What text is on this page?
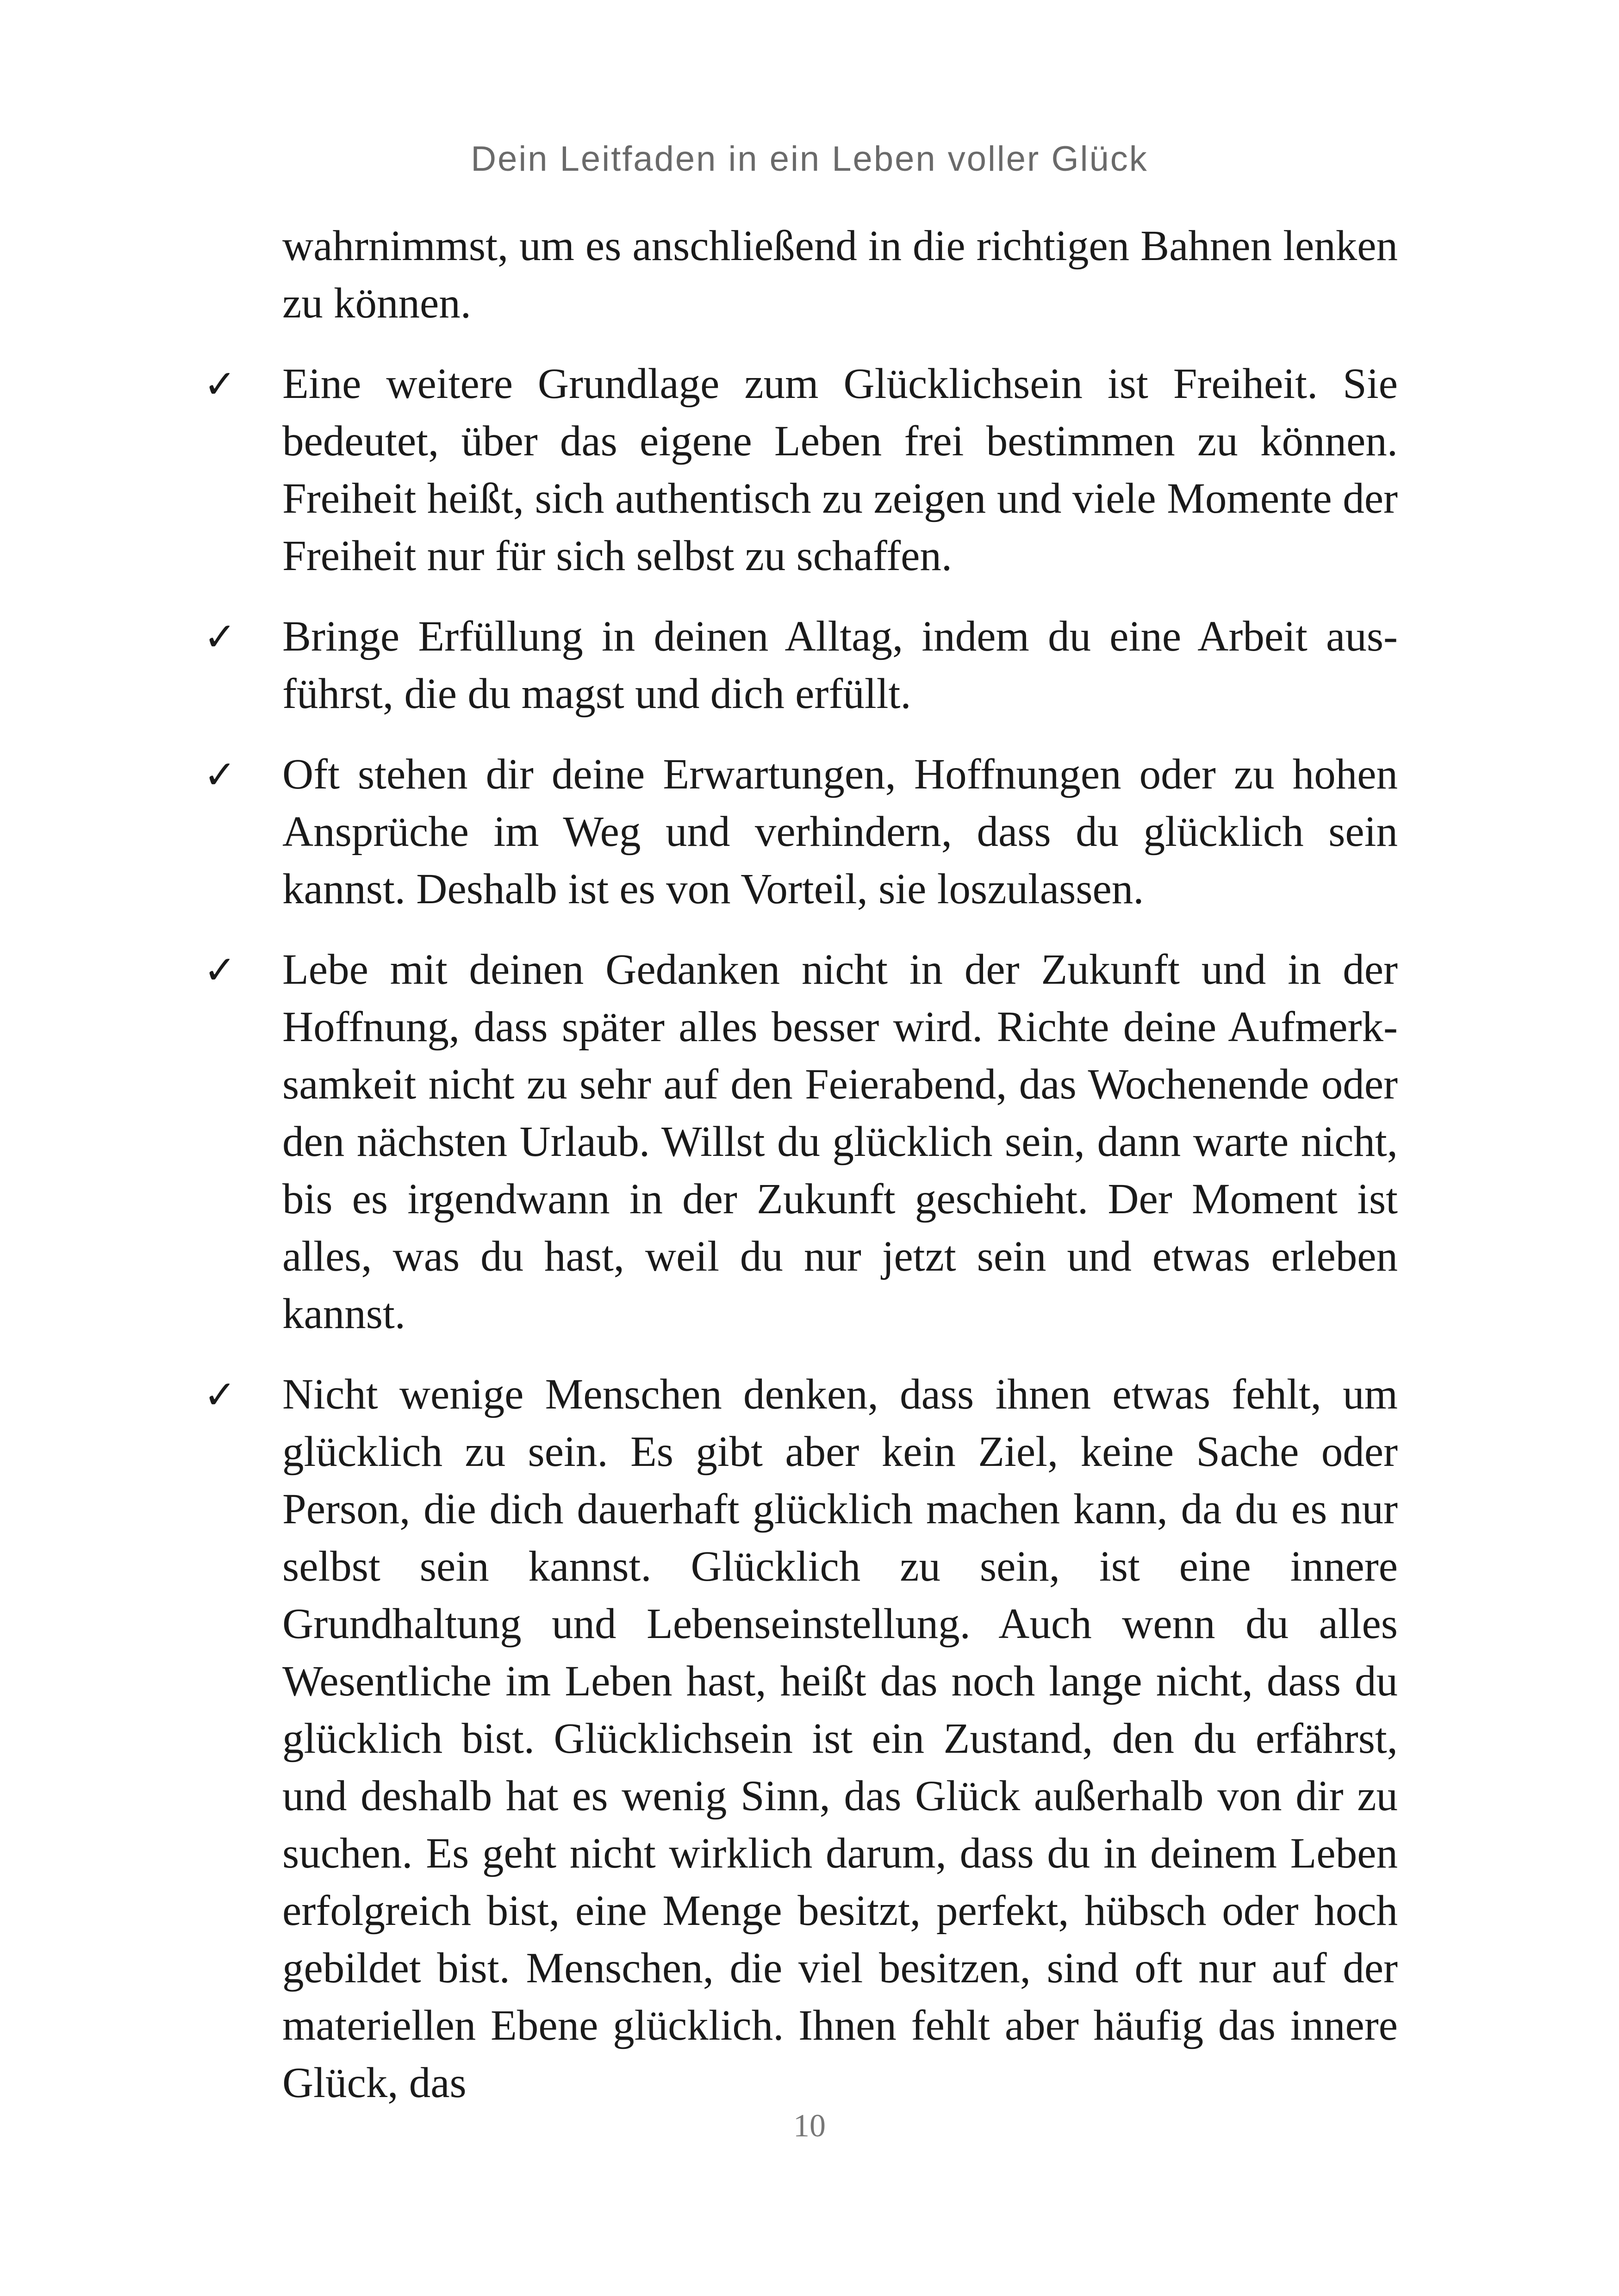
Dein Leitfaden in ein Leben voller Glück

wahrnimmst, um es anschließend in die richtigen Bahnen lenken zu können.

✓	Eine weitere Grundlage zum Glücklichsein ist Freiheit. Sie bedeutet, über das eigene Leben frei bestimmen zu können. Freiheit heißt, sich authentisch zu zeigen und viele Momente der Freiheit nur für sich selbst zu schaffen.
✓	Bringe Erfüllung in deinen Alltag, indem du eine Arbeit aus-führst, die du magst und dich erfüllt.
✓	Oft stehen dir deine Erwartungen, Hoffnungen oder zu hohen Ansprüche im Weg und verhindern, dass du glücklich sein kannst. Deshalb ist es von Vorteil, sie loszulassen.
✓	Lebe mit deinen Gedanken nicht in der Zukunft und in der Hoffnung, dass später alles besser wird. Richte deine Aufmerk-samkeit nicht zu sehr auf den Feierabend, das Wochenende oder den nächsten Urlaub. Willst du glücklich sein, dann warte nicht, bis es irgendwann in der Zukunft geschieht. Der Moment ist alles, was du hast, weil du nur jetzt sein und etwas erleben kannst.
✓	Nicht wenige Menschen denken, dass ihnen etwas fehlt, um glücklich zu sein. Es gibt aber kein Ziel, keine Sache oder Person, die dich dauerhaft glücklich machen kann, da du es nur selbst sein kannst. Glücklich zu sein, ist eine innere Grundhaltung und Lebenseinstellung. Auch wenn du alles Wesentliche im Leben hast, heißt das noch lange nicht, dass du glücklich bist. Glücklichsein ist ein Zustand, den du erfährst, und deshalb hat es wenig Sinn, das Glück außerhalb von dir zu suchen. Es geht nicht wirklich darum, dass du in deinem Leben erfolgreich bist, eine Menge besitzt, perfekt, hübsch oder hoch gebildet bist. Menschen, die viel besitzen, sind oft nur auf der materiellen Ebene glücklich. Ihnen fehlt aber häufig das innere Glück, das
10
